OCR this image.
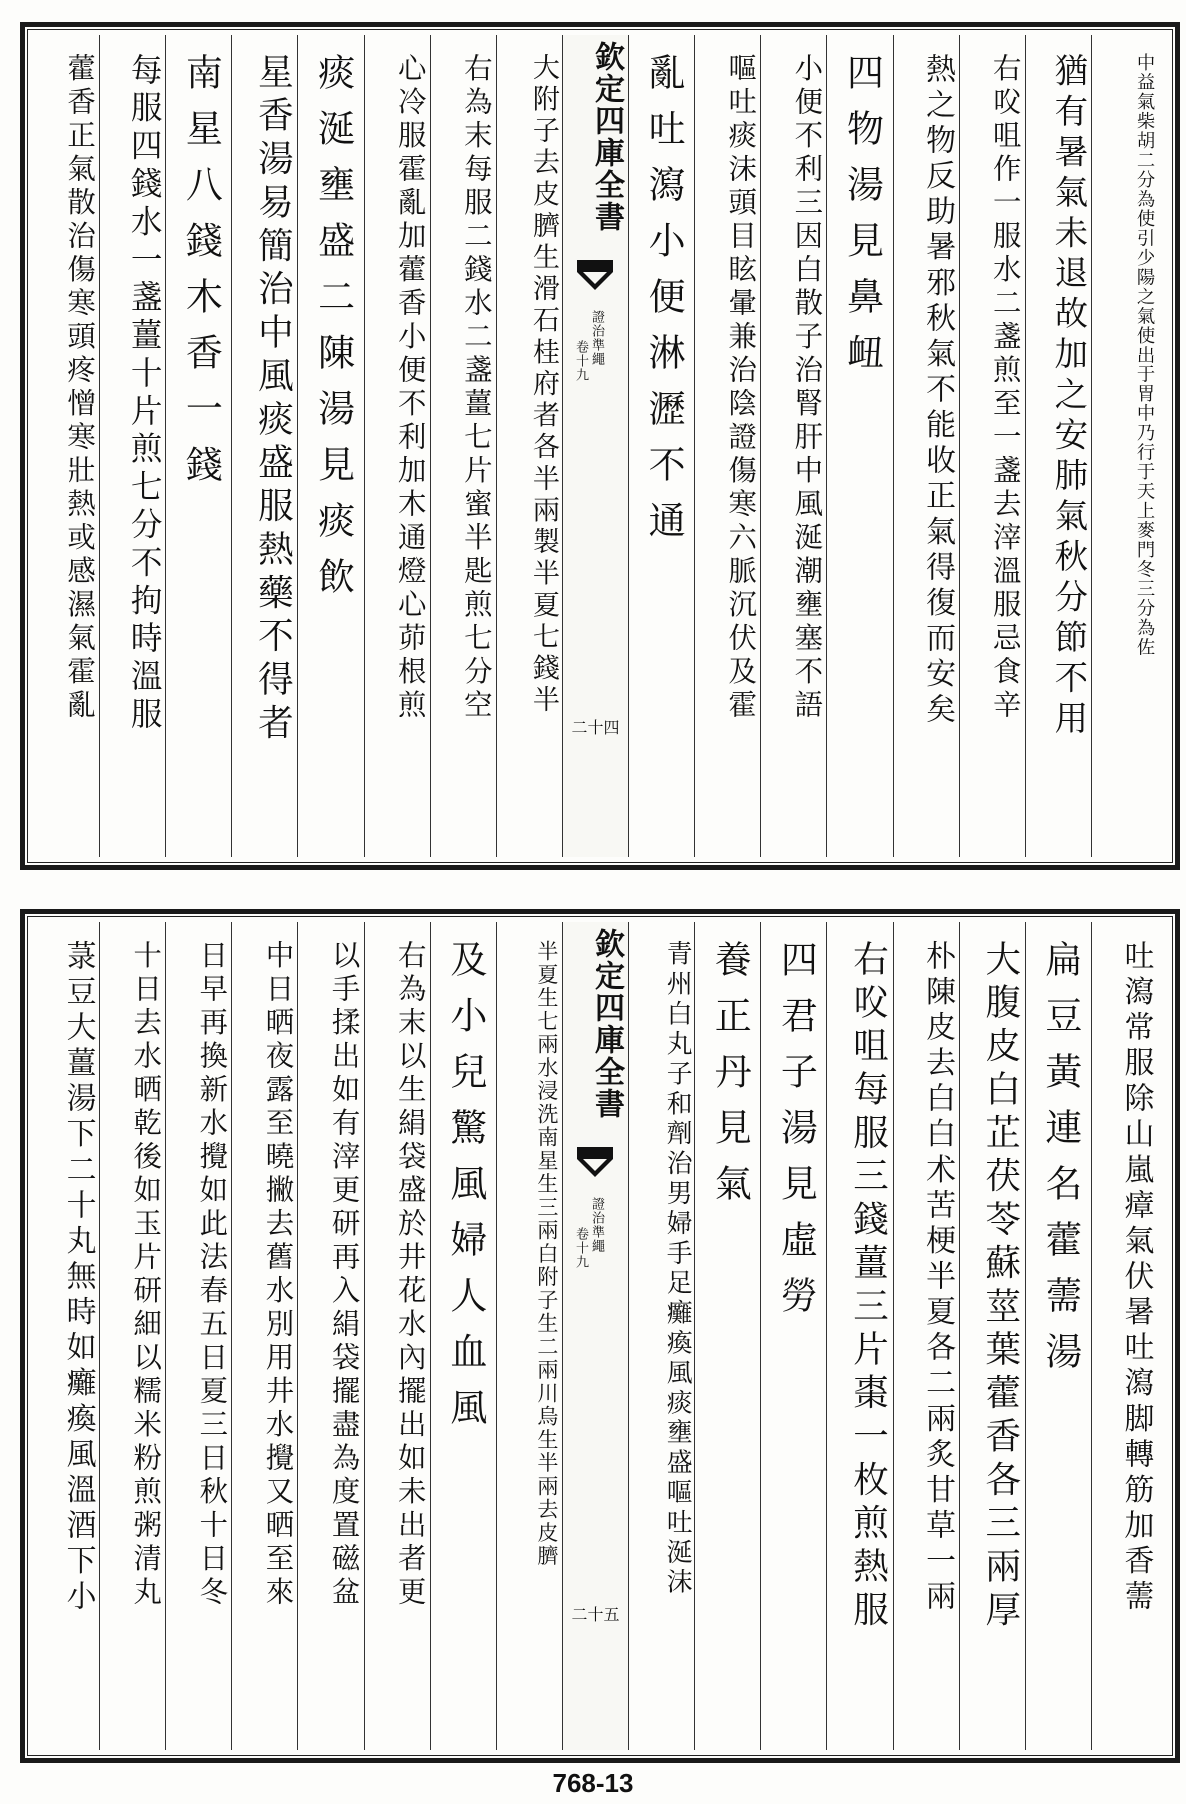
中益氣柴胡二分為使引少陽之氣使出于胃中乃行于天上麥門冬三分為佐
猶有暑氣未退故加之安肺氣秋分節不用
右㕮咀作一服水二盞煎至一盞去滓溫服忌食辛
熱之物反助暑邪秋氣不能收正氣得復而安矣
四物湯見鼻衄
小便不利三因白散子治腎肝中風涎潮壅塞不語
嘔吐痰沫頭目眩暈兼治陰證傷寒六脈沉伏及霍
亂吐瀉小便淋瀝不通
欽定四庫全書
卷十九 證治準繩
二十四
大附子去皮臍生滑石桂府者各半兩製半夏七錢半
右為末每服二錢水二盞薑七片蜜半匙煎七分空
心冷服霍亂加藿香小便不利加木通燈心茆根煎
痰涎壅盛二陳湯見痰飲
星香湯易簡治中風痰盛服熱藥不得者
南星八錢木香一錢
每服四錢水一盞薑十片煎七分不拘時溫服
藿香正氣散治傷寒頭疼憎寒壯熱或感濕氣霍亂
吐瀉常服除山嵐瘴氣伏暑吐瀉脚轉筋加香薷
扁豆黃連名藿薷湯
大腹皮白芷茯苓蘇莖葉藿香各三兩厚
朴陳皮去白白术苦梗半夏各二兩炙甘草一兩
右㕮咀每服三錢薑三片棗一枚煎熱服
四君子湯見虛勞
養正丹見氣
青州白丸子和劑治男婦手足癱瘓風痰壅盛嘔吐涎沫
欽定四庫全書
卷十九 證治準繩
二十五
半夏生七兩水浸洗南星生三兩白附子生二兩川烏生半兩去皮臍
及小兒驚風婦人血風
右為末以生絹袋盛於井花水內擺出如未出者更
以手揉出如有滓更研再入絹袋擺盡為度置磁盆
中日晒夜露至曉撇去舊水別用井水攪又晒至來
日早再換新水攪如此法春五日夏三日秋十日冬
十日去水晒乾後如玉片研細以糯米粉煎粥清丸
菉豆大薑湯下二十丸無時如癱瘓風溫酒下小
768-13
